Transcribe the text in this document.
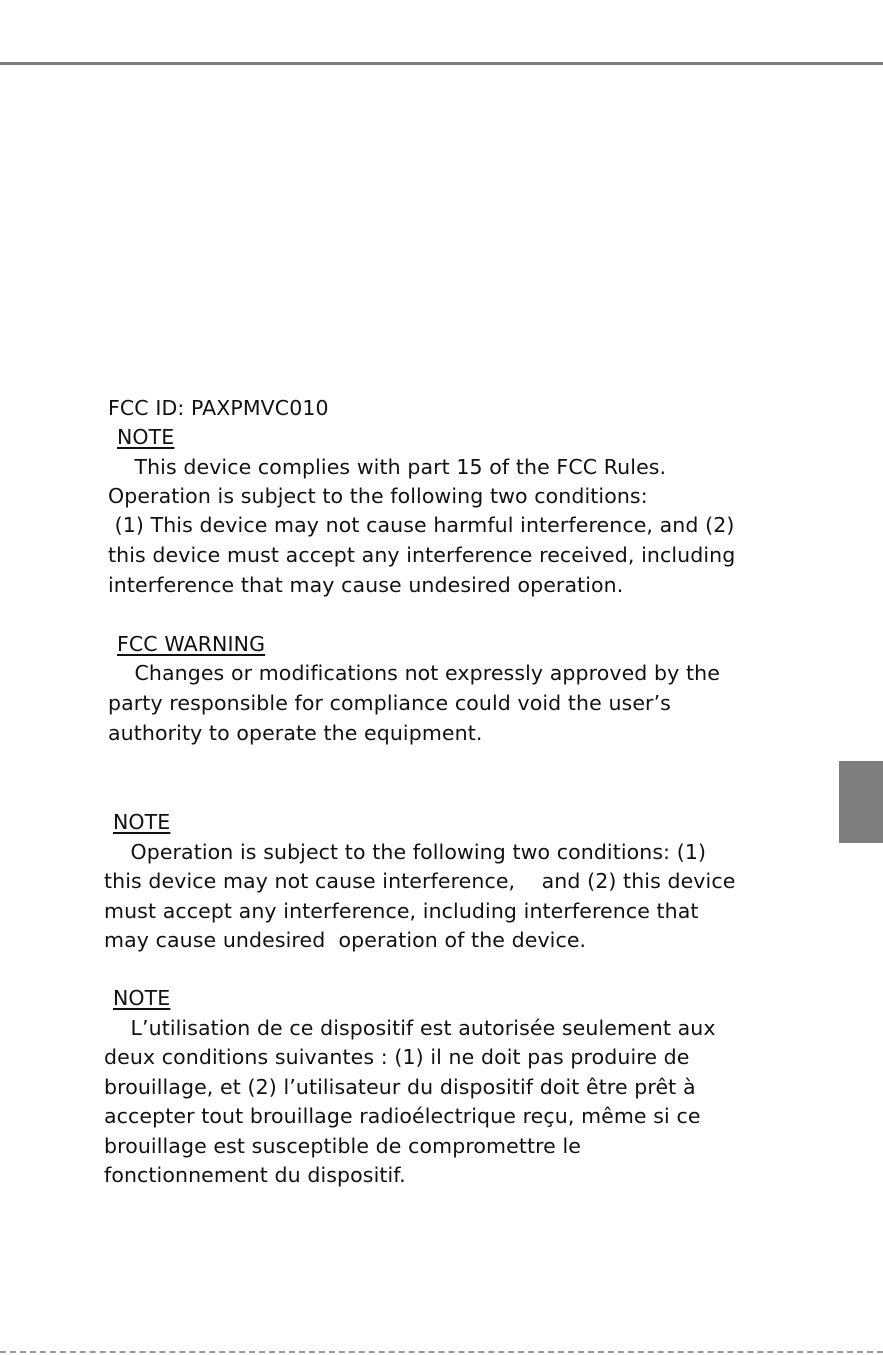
FCC ID: PAXPMVC010
NOTE
This device complies with part 15 of the FCC Rules.
Operation is subject to the following two conditions:
(1) This device may not cause harmful interference, and (2)
this device must accept any interference received, including
interference that may cause undesired operation.
FCC WARNING
Changes or modifications not expressly approved by the
party responsible for compliance could void the user’s
authority to operate the equipment.
NOTE
Operation is subject to the following two conditions: (1)
this device may not cause interference,    and (2) this device
must accept any interference, including interference that
may cause undesired  operation of the device.
NOTE
L’utilisation de ce dispositif est autorisée seulement aux
deux conditions suivantes : (1) il ne doit pas produire de
brouillage, et (2) l’utilisateur du dispositif doit être prêt à
accepter tout brouillage radioélectrique reçu, même si ce
brouillage est susceptible de compromettre le
fonctionnement du dispositif.
